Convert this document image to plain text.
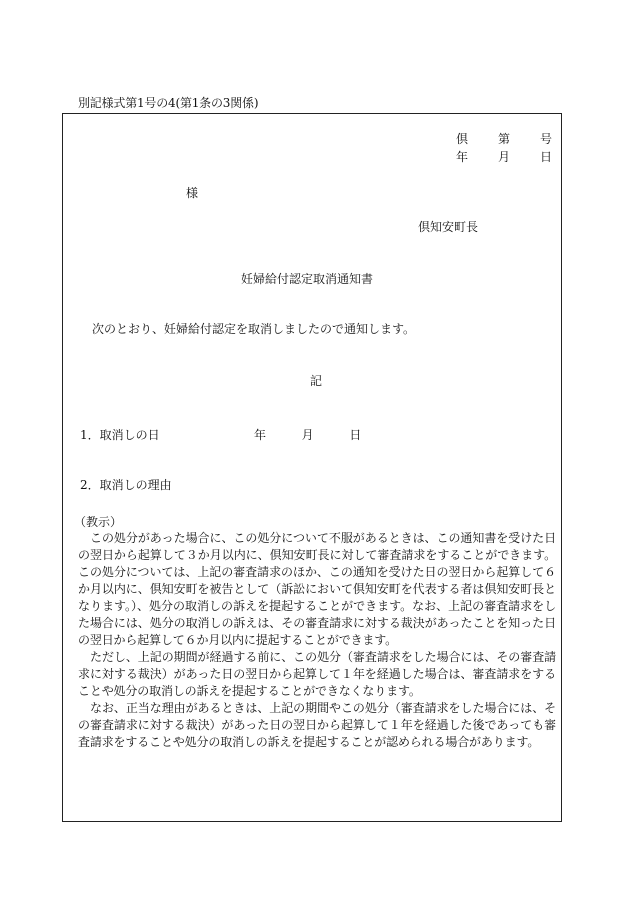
別記様式第1号の4(第1条の3関係)
倶 第 号
年 月 日
様
倶知安町長
妊婦給付認定取消通知書
次のとおり、妊婦給付認定を取消しましたので通知します。
記
1．取消しの日	年	月	日
2．取消しの理由
（教示）

この処分があった場合に、この処分について不服があるときは、この通知書を受けた日の翌日から起算して３か月以内に、倶知安町長に対して審査請求をすることができます。この処分については、上記の審査請求のほか、この通知を受けた日の翌日から起算して６か月以内に、倶知安町を被告として（訴訟において倶知安町を代表する者は倶知安町長となります。）、処分の取消しの訴えを提起することができます。なお、上記の審査請求をした場合には、処分の取消しの訴えは、その審査請求に対する裁決があったことを知った日の翌日から起算して６か月以内に提起することができます。

ただし、上記の期間が経過する前に、この処分（審査請求をした場合には、その審査請求に対する裁決）があった日の翌日から起算して１年を経過した場合は、審査請求をすることや処分の取消しの訴えを提起することができなくなります。

なお、正当な理由があるときは、上記の期間やこの処分（審査請求をした場合には、その審査請求に対する裁決）があった日の翌日から起算して１年を経過した後であっても審査請求をすることや処分の取消しの訴えを提起することが認められる場合があります。
